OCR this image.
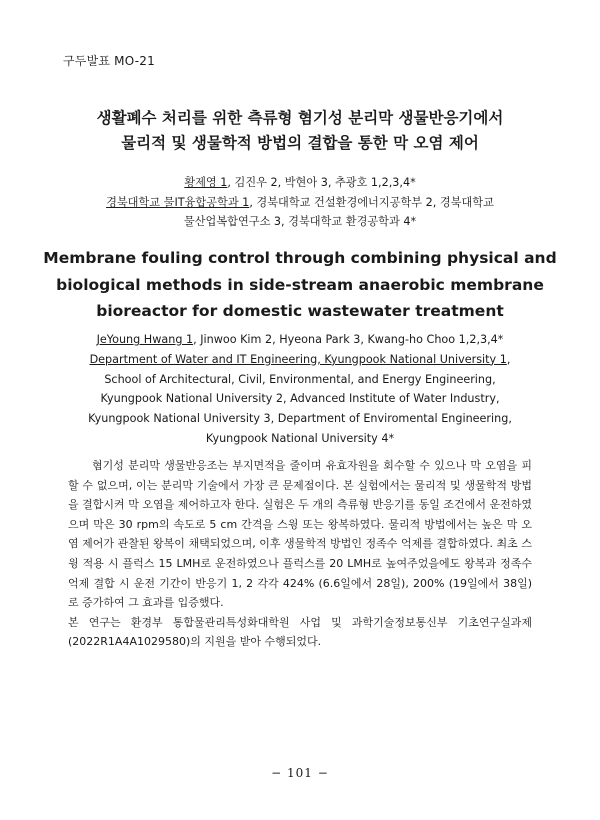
구두발표 MO-21
생활폐수 처리를 위한 측류형 혐기성 분리막 생물반응기에서
물리적 및 생물학적 방법의 결합을 통한 막 오염 제어
황제영 1, 김진우 2, 박현아 3, 추광호 1,2,3,4*
경북대학교 물IT융합공학과 1, 경북대학교 건설환경에너지공학부 2, 경북대학교
물산업복합연구소 3, 경북대학교 환경공학과 4*
Membrane fouling control through combining physical and
biological methods in side-stream anaerobic membrane
bioreactor for domestic wastewater treatment
JeYoung Hwang 1, Jinwoo Kim 2, Hyeona Park 3, Kwang-ho Choo 1,2,3,4*
Department of Water and IT Engineering, Kyungpook National University 1,
School of Architectural, Civil, Environmental, and Energy Engineering,
Kyungpook National University 2, Advanced Institute of Water Industry,
Kyungpook National University 3, Department of Enviromental Engineering,
Kyungpook National University 4*

혐기성 분리막 생물반응조는 부지면적을 줄이며 유효자원을 회수할 수 있으나 막 오염을 피할 수 없으며, 이는 분리막 기술에서 가장 큰 문제점이다. 본 실험에서는 물리적 및 생물학적 방법을 결합시켜 막 오염을 제어하고자 한다. 실험은 두 개의 측류형 반응기를 동일 조건에서 운전하였으며 막은 30 rpm의 속도로 5 cm 간격을 스윙 또는 왕복하였다. 물리적 방법에서는 높은 막 오염 제어가 관찰된 왕복이 채택되었으며, 이후 생물학적 방법인 정족수 억제를 결합하였다. 최초 스윙 적용 시 플럭스 15 LMH로 운전하였으나 플럭스를 20 LMH로 높여주었을에도 왕복과 정족수 억제 결합 시 운전 기간이 반응기 1, 2 각각 424% (6.6일에서 28일), 200% (19일에서 38일)로 증가하여 그 효과를 입증했다.

본 연구는 환경부 통합물관리특성화대학원 사업 및 과학기술정보통신부 기초연구실과제(2022R1A4A1029580)의 지원을 받아 수행되었다.

− 101 −
